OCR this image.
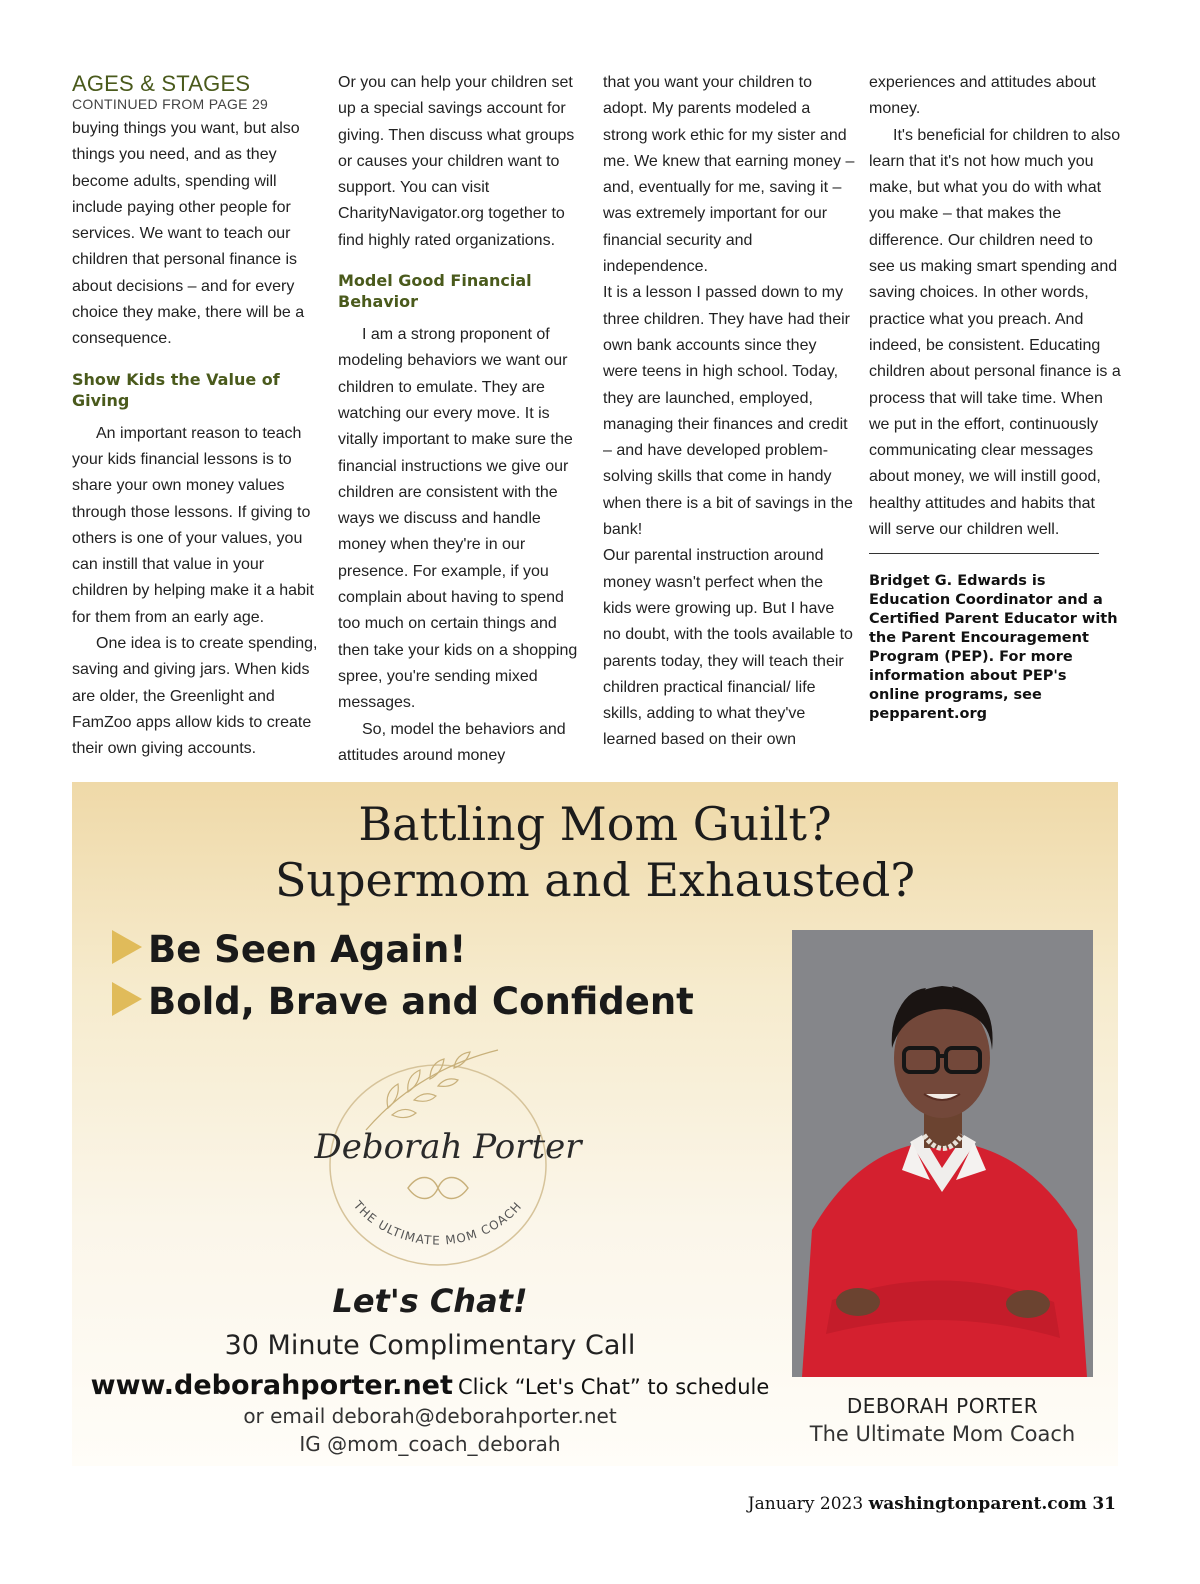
AGES & STAGES
CONTINUED FROM PAGE 29

buying things you want, but also things you need, and as they become adults, spending will include paying other people for services. We want to teach our children that personal finance is about decisions – and for every choice they make, there will be a consequence.

Show Kids the Value of Giving

An important reason to teach your kids financial lessons is to share your own money values through those lessons. If giving to others is one of your values, you can instill that value in your children by helping make it a habit for them from an early age.

One idea is to create spending, saving and giving jars. When kids are older, the Greenlight and FamZoo apps allow kids to create their own giving accounts.

Or you can help your children set up a special savings account for giving. Then discuss what groups or causes your children want to support. You can visit CharityNavigator.org together to find highly rated organizations.

Model Good Financial Behavior

I am a strong proponent of modeling behaviors we want our children to emulate. They are watching our every move. It is vitally important to make sure the financial instructions we give our children are consistent with the ways we discuss and handle money when they're in our presence. For example, if you complain about having to spend too much on certain things and then take your kids on a shopping spree, you're sending mixed messages.

So, model the behaviors and attitudes around money

that you want your children to adopt. My parents modeled a strong work ethic for my sister and me. We knew that earning money – and, eventually for me, saving it – was extremely important for our financial security and independence.

It is a lesson I passed down to my three children. They have had their own bank accounts since they were teens in high school. Today, they are launched, employed, managing their finances and credit – and have developed problem-solving skills that come in handy when there is a bit of savings in the bank!

Our parental instruction around money wasn't perfect when the kids were growing up. But I have no doubt, with the tools available to parents today, they will teach their children practical financial/ life skills, adding to what they've learned based on their own

experiences and attitudes about money.

It's beneficial for children to also learn that it's not how much you make, but what you do with what you make – that makes the difference. Our children need to see us making smart spending and saving choices. In other words, practice what you preach. And indeed, be consistent. Educating children about personal finance is a process that will take time. When we put in the effort, continuously communicating clear messages about money, we will instill good, healthy attitudes and habits that will serve our children well.

Bridget G. Edwards is Education Coordinator and a Certified Parent Educator with the Parent Encouragement Program (PEP). For more information about PEP's online programs, see pepparent.org
Battling Mom Guilt?
Supermom and Exhausted?
Be Seen Again!
Bold, Brave and Confident
Deborah Porter
THE ULTIMATE MOM COACH
Let's Chat!
30 Minute Complimentary Call
www.deborahporter.net Click “Let's Chat” to schedule
or email deborah@deborahporter.net
IG @mom_coach_deborah
DEBORAH PORTER
The Ultimate Mom Coach
January 2023 washingtonparent.com 31
